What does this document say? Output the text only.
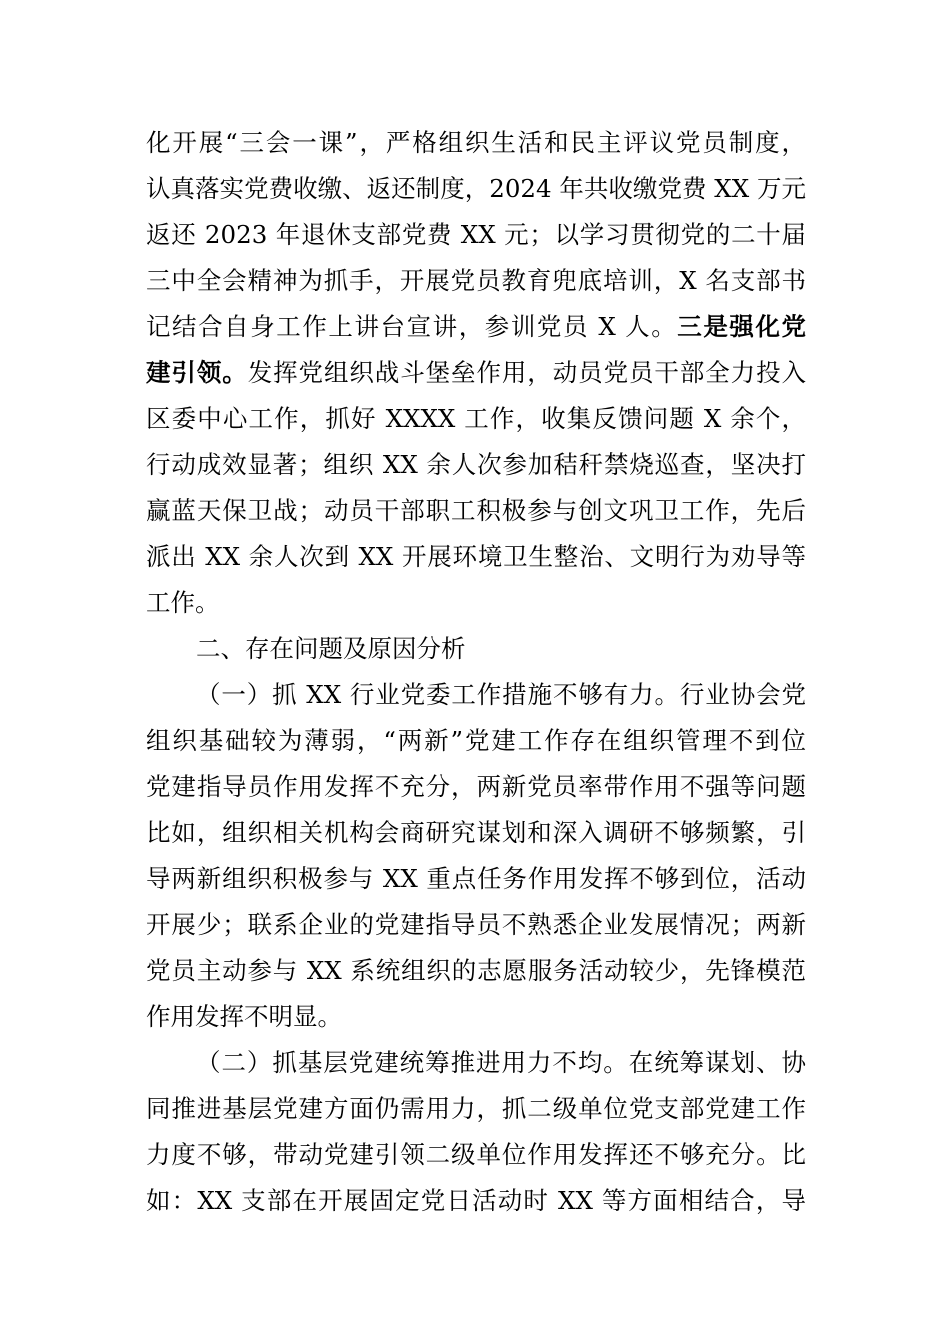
化开展“三会一课”，严格组织生活和民主评议党员制度，
认真落实党费收缴、返还制度，2024 年共收缴党费 XX 万元
返还 2023 年退休支部党费 XX 元；以学习贯彻党的二十届
三中全会精神为抓手，开展党员教育兜底培训，X 名支部书
记结合自身工作上讲台宣讲，参训党员 X 人。三是强化党
建引领。发挥党组织战斗堡垒作用，动员党员干部全力投入
区委中心工作，抓好 XXXX 工作，收集反馈问题 X 余个，
行动成效显著；组织 XX 余人次参加秸秆禁烧巡查，坚决打
赢蓝天保卫战；动员干部职工积极参与创文巩卫工作，先后
派出 XX 余人次到 XX 开展环境卫生整治、文明行为劝导等
工作。
二、存在问题及原因分析
（一）抓 XX 行业党委工作措施不够有力。行业协会党
组织基础较为薄弱，“两新”党建工作存在组织管理不到位
党建指导员作用发挥不充分，两新党员率带作用不强等问题
比如，组织相关机构会商研究谋划和深入调研不够频繁，引
导两新组织积极参与 XX 重点任务作用发挥不够到位，活动
开展少；联系企业的党建指导员不熟悉企业发展情况；两新
党员主动参与 XX 系统组织的志愿服务活动较少，先锋模范
作用发挥不明显。
（二）抓基层党建统筹推进用力不均。在统筹谋划、协
同推进基层党建方面仍需用力，抓二级单位党支部党建工作
力度不够，带动党建引领二级单位作用发挥还不够充分。比
如：XX 支部在开展固定党日活动时 XX 等方面相结合，导
